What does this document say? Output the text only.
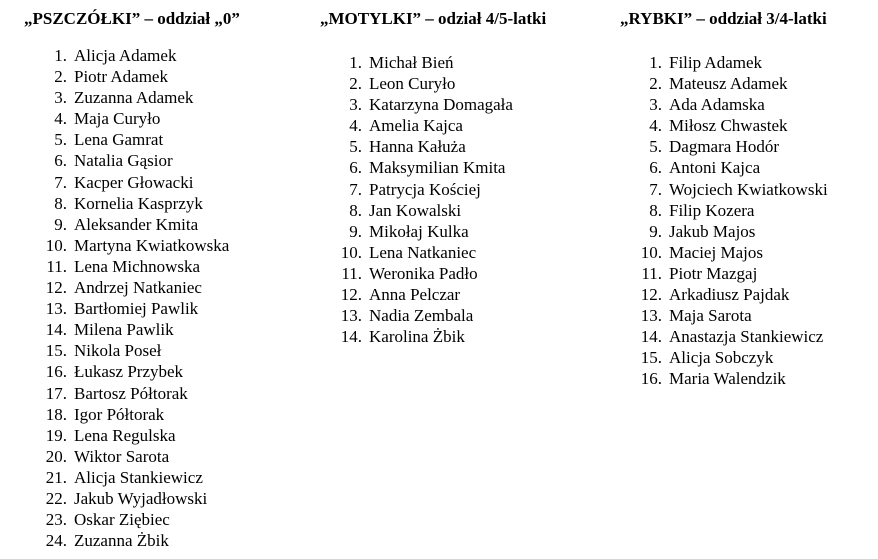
„PSZCZÓŁKI” – oddział „0”
1. Alicja Adamek
2. Piotr Adamek
3. Zuzanna Adamek
4. Maja Curyło
5. Lena Gamrat
6. Natalia Gąsior
7. Kacper Głowacki
8. Kornelia Kasprzyk
9. Aleksander Kmita
10. Martyna Kwiatkowska
11. Lena Michnowska
12. Andrzej Natkaniec
13. Bartłomiej Pawlik
14. Milena Pawlik
15. Nikola Poseł
16. Łukasz Przybek
17. Bartosz Półtorak
18. Igor Półtorak
19. Lena Regulska
20. Wiktor Sarota
21. Alicja Stankiewicz
22. Jakub Wyjadłowski
23. Oskar Ziębiec
24. Zuzanna Żbik
„MOTYLKI” – odział 4/5-latki
1. Michał Bień
2. Leon Curyło
3. Katarzyna Domagała
4. Amelia Kajca
5. Hanna Kałuża
6. Maksymilian Kmita
7. Patrycja Kościej
8. Jan Kowalski
9. Mikołaj Kulka
10. Lena Natkaniec
11. Weronika Padło
12. Anna Pelczar
13. Nadia Zembala
14. Karolina Żbik
„RYBKI” – oddział 3/4-latki
1. Filip Adamek
2. Mateusz Adamek
3. Ada Adamska
4. Miłosz Chwastek
5. Dagmara Hodór
6. Antoni Kajca
7. Wojciech Kwiatkowski
8. Filip Kozera
9. Jakub Majos
10. Maciej Majos
11. Piotr Mazgaj
12. Arkadiusz Pajdak
13. Maja Sarota
14. Anastazja Stankiewicz
15. Alicja Sobczyk
16. Maria Walendzik
